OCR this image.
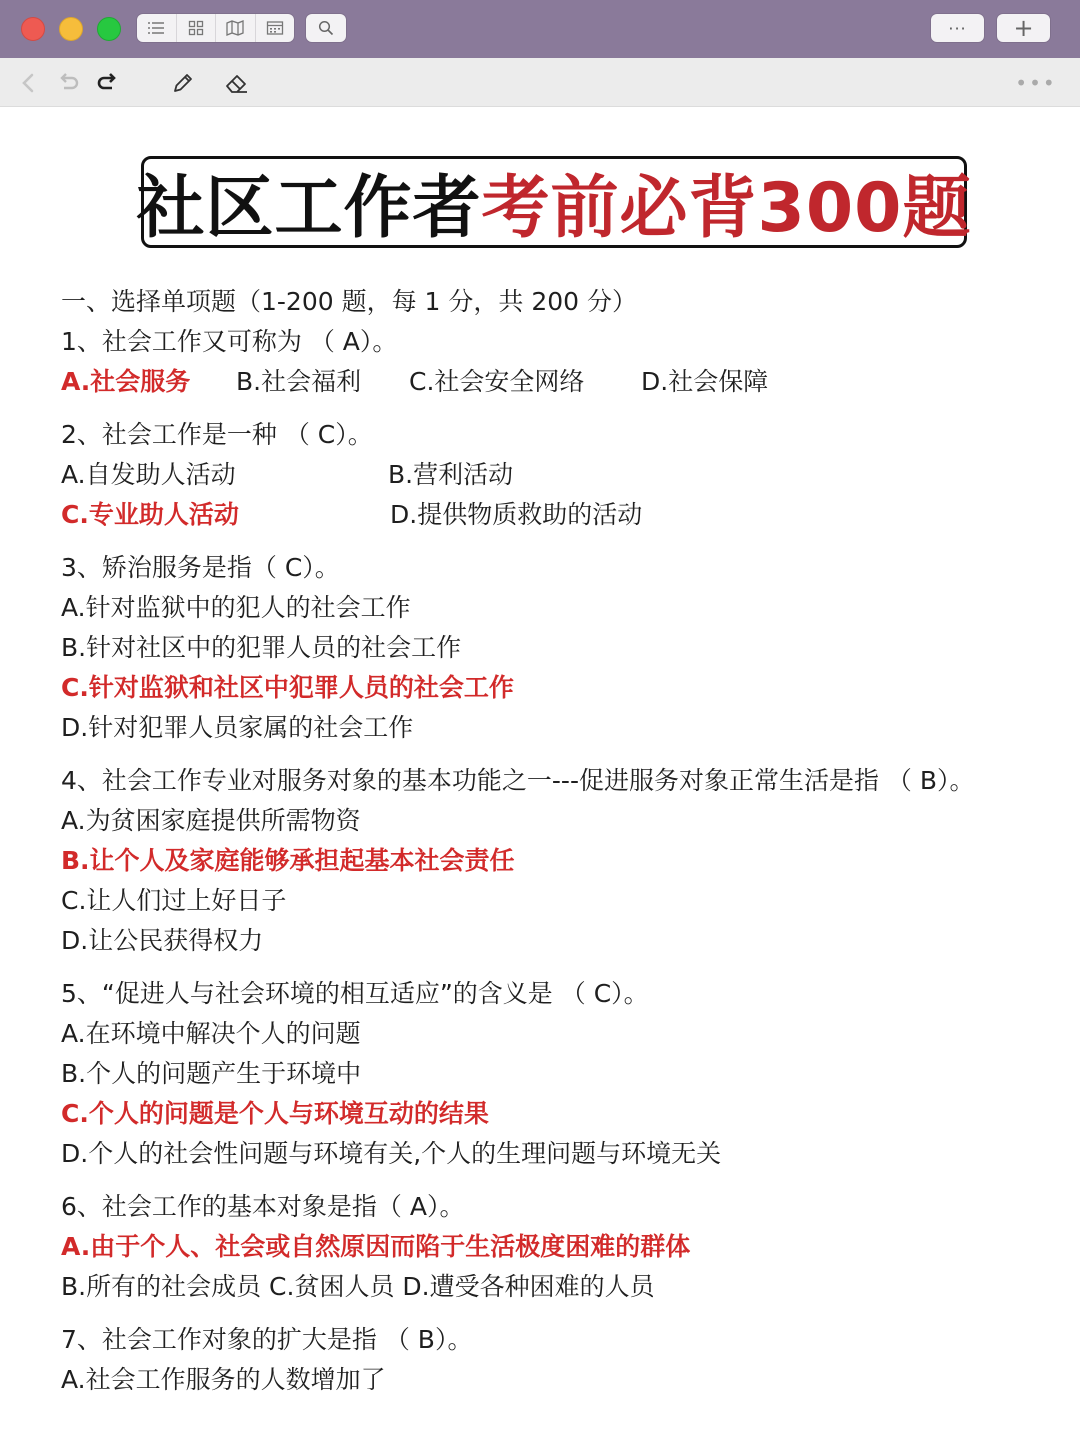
··· +
•••
社区工作者 考前必背300题
一、选择单项题（1-200 题，每 1 分，共 200 分）
1、社会工作又可称为 （ A）。
A.社会服务	B.社会福利	C.社会安全网络	D.社会保障
2、社会工作是一种 （ C）。
A.自发助人活动	B.营利活动
C.专业助人活动	D.提供物质救助的活动
3、矫治服务是指（ C）。
A.针对监狱中的犯人的社会工作
B.针对社区中的犯罪人员的社会工作
C.针对监狱和社区中犯罪人员的社会工作
D.针对犯罪人员家属的社会工作
4、社会工作专业对服务对象的基本功能之一---促进服务对象正常生活是指 （ B）。
A.为贫困家庭提供所需物资
B.让个人及家庭能够承担起基本社会责任
C.让人们过上好日子
D.让公民获得权力
5、“促进人与社会环境的相互适应”的含义是 （ C）。
A.在环境中解决个人的问题
B.个人的问题产生于环境中
C.个人的问题是个人与环境互动的结果
D.个人的社会性问题与环境有关,个人的生理问题与环境无关
6、社会工作的基本对象是指（ A）。
A.由于个人、社会或自然原因而陷于生活极度困难的群体
B.所有的社会成员 C.贫困人员 D.遭受各种困难的人员
7、社会工作对象的扩大是指 （ B）。
A.社会工作服务的人数增加了
